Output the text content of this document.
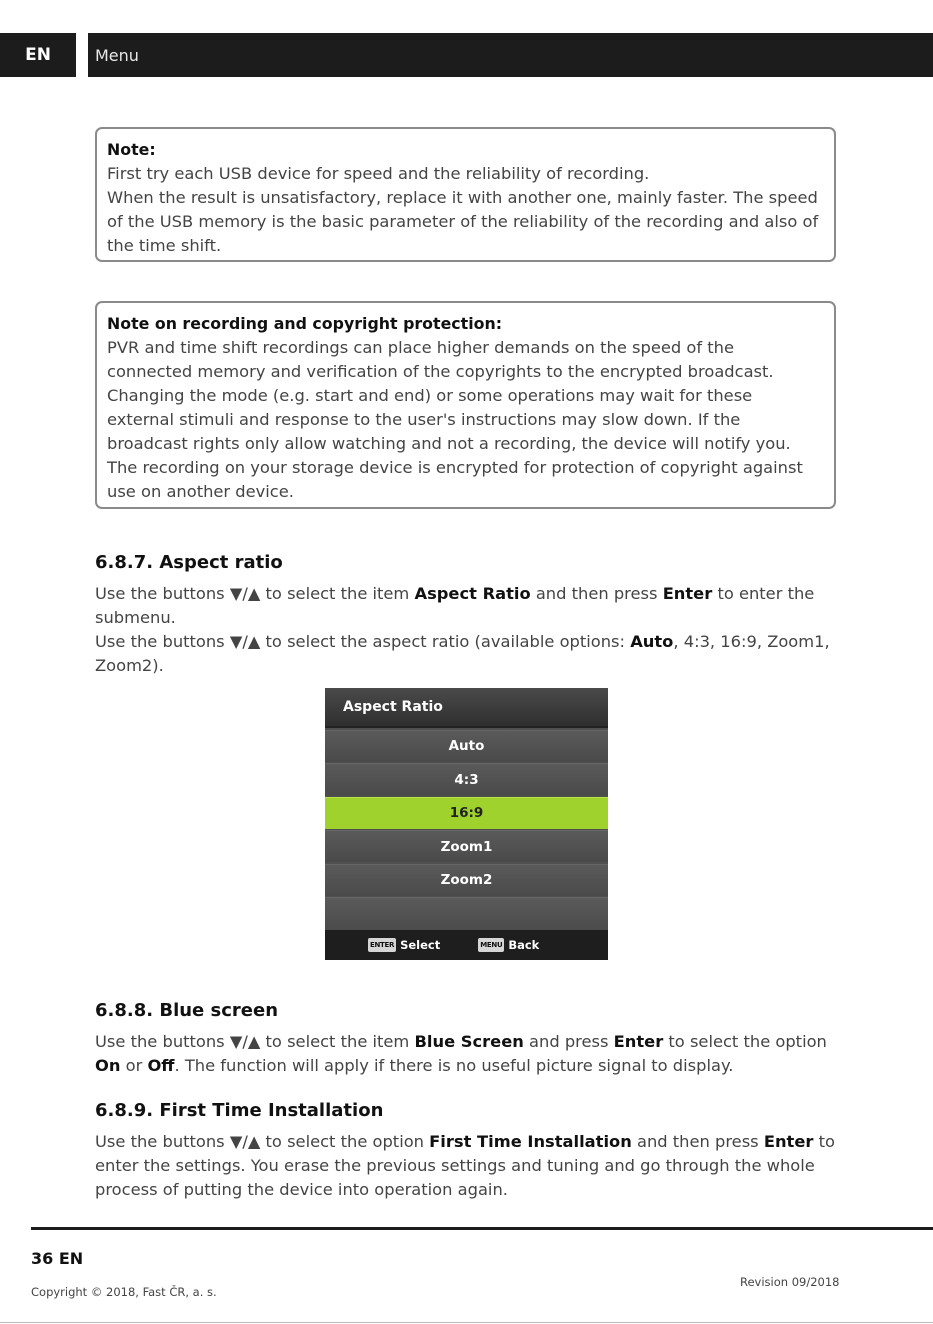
EN	Menu
Note:
First try each USB device for speed and the reliability of recording.
When the result is unsatisfactory, replace it with another one, mainly faster. The speed of the USB memory is the basic parameter of the reliability of the recording and also of the time shift.
Note on recording and copyright protection:
PVR and time shift recordings can place higher demands on the speed of the connected memory and verification of the copyrights to the encrypted broadcast. Changing the mode (e.g. start and end) or some operations may wait for these external stimuli and response to the user's instructions may slow down. If the broadcast rights only allow watching and not a recording, the device will notify you. The recording on your storage device is encrypted for protection of copyright against use on another device.
6.8.7. Aspect ratio
Use the buttons ▼/▲ to select the item Aspect Ratio and then press Enter to enter the submenu.
Use the buttons ▼/▲ to select the aspect ratio (available options: Auto, 4:3, 16:9, Zoom1, Zoom2).
Aspect Ratio
Auto
4:3
16:9
Zoom1
Zoom2
ENTER Select	MENU Back
6.8.8. Blue screen
Use the buttons ▼/▲ to select the item Blue Screen and press Enter to select the option On or Off. The function will apply if there is no useful picture signal to display.
6.8.9. First Time Installation
Use the buttons ▼/▲ to select the option First Time Installation and then press Enter to enter the settings. You erase the previous settings and tuning and go through the whole process of putting the device into operation again.
36 EN
Copyright © 2018, Fast ČR, a. s.
Revision 09/2018
